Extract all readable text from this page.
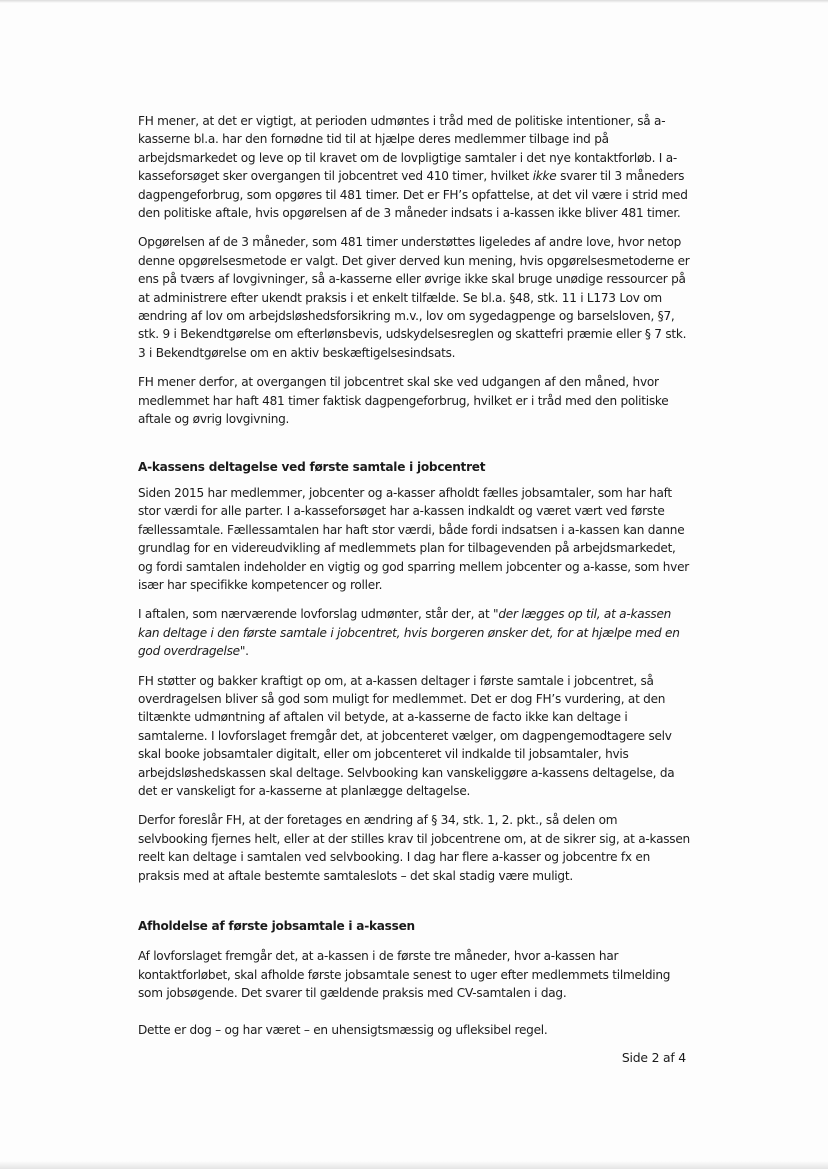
FH mener, at det er vigtigt, at perioden udmøntes i tråd med de politiske intentioner, så a-kasserne bl.a. har den fornødne tid til at hjælpe deres medlemmer tilbage ind på arbejdsmarkedet og leve op til kravet om de lovpligtige samtaler i det nye kontaktforløb. I a-kasseforsøget sker overgangen til jobcentret ved 410 timer, hvilket ikke svarer til 3 måneders dagpengeforbrug, som opgøres til 481 timer. Det er FH’s opfattelse, at det vil være i strid med den politiske aftale, hvis opgørelsen af de 3 måneder indsats i a-kassen ikke bliver 481 timer.

Opgørelsen af de 3 måneder, som 481 timer understøttes ligeledes af andre love, hvor netop denne opgørelsesmetode er valgt. Det giver derved kun mening, hvis opgørelsesmetoderne er ens på tværs af lovgivninger, så a-kasserne eller øvrige ikke skal bruge unødige ressourcer på at administrere efter ukendt praksis i et enkelt tilfælde. Se bl.a. §48, stk. 11 i L173 Lov om ændring af lov om arbejdsløshedsforsikring m.v., lov om sygedagpenge og barselsloven, §7, stk. 9 i Bekendtgørelse om efterlønsbevis, udskydelsesreglen og skattefri præmie eller § 7 stk. 3 i Bekendtgørelse om en aktiv beskæftigelsesindsats.

FH mener derfor, at overgangen til jobcentret skal ske ved udgangen af den måned, hvor medlemmet har haft 481 timer faktisk dagpengeforbrug, hvilket er i tråd med den politiske aftale og øvrig lovgivning.

A-kassens deltagelse ved første samtale i jobcentret

Siden 2015 har medlemmer, jobcenter og a-kasser afholdt fælles jobsamtaler, som har haft stor værdi for alle parter. I a-kasseforsøget har a-kassen indkaldt og været vært ved første fællessamtale. Fællessamtalen har haft stor værdi, både fordi indsatsen i a-kassen kan danne grundlag for en videreudvikling af medlemmets plan for tilbagevenden på arbejdsmarkedet, og fordi samtalen indeholder en vigtig og god sparring mellem jobcenter og a-kasse, som hver især har specifikke kompetencer og roller.

I aftalen, som nærværende lovforslag udmønter, står der, at "der lægges op til, at a-kassen kan deltage i den første samtale i jobcentret, hvis borgeren ønsker det, for at hjælpe med en god overdragelse".

FH støtter og bakker kraftigt op om, at a-kassen deltager i første samtale i jobcentret, så overdragelsen bliver så god som muligt for medlemmet. Det er dog FH’s vurdering, at den tiltænkte udmøntning af aftalen vil betyde, at a-kasserne de facto ikke kan deltage i samtalerne. I lovforslaget fremgår det, at jobcenteret vælger, om dagpengemodtagere selv skal booke jobsamtaler digitalt, eller om jobcenteret vil indkalde til jobsamtaler, hvis arbejdsløshedskassen skal deltage. Selvbooking kan vanskeliggøre a-kassens deltagelse, da det er vanskeligt for a-kasserne at planlægge deltagelse.

Derfor foreslår FH, at der foretages en ændring af § 34, stk. 1, 2. pkt., så delen om selvbooking fjernes helt, eller at der stilles krav til jobcentrene om, at de sikrer sig, at a-kassen reelt kan deltage i samtalen ved selvbooking. I dag har flere a-kasser og jobcentre fx en praksis med at aftale bestemte samtaleslots – det skal stadig være muligt.

Afholdelse af første jobsamtale i a-kassen

Af lovforslaget fremgår det, at a-kassen i de første tre måneder, hvor a-kassen har kontaktforløbet, skal afholde første jobsamtale senest to uger efter medlemmets tilmelding som jobsøgende. Det svarer til gældende praksis med CV-samtalen i dag.

Dette er dog – og har været – en uhensigtsmæssig og ufleksibel regel.

Side 2 af 4
